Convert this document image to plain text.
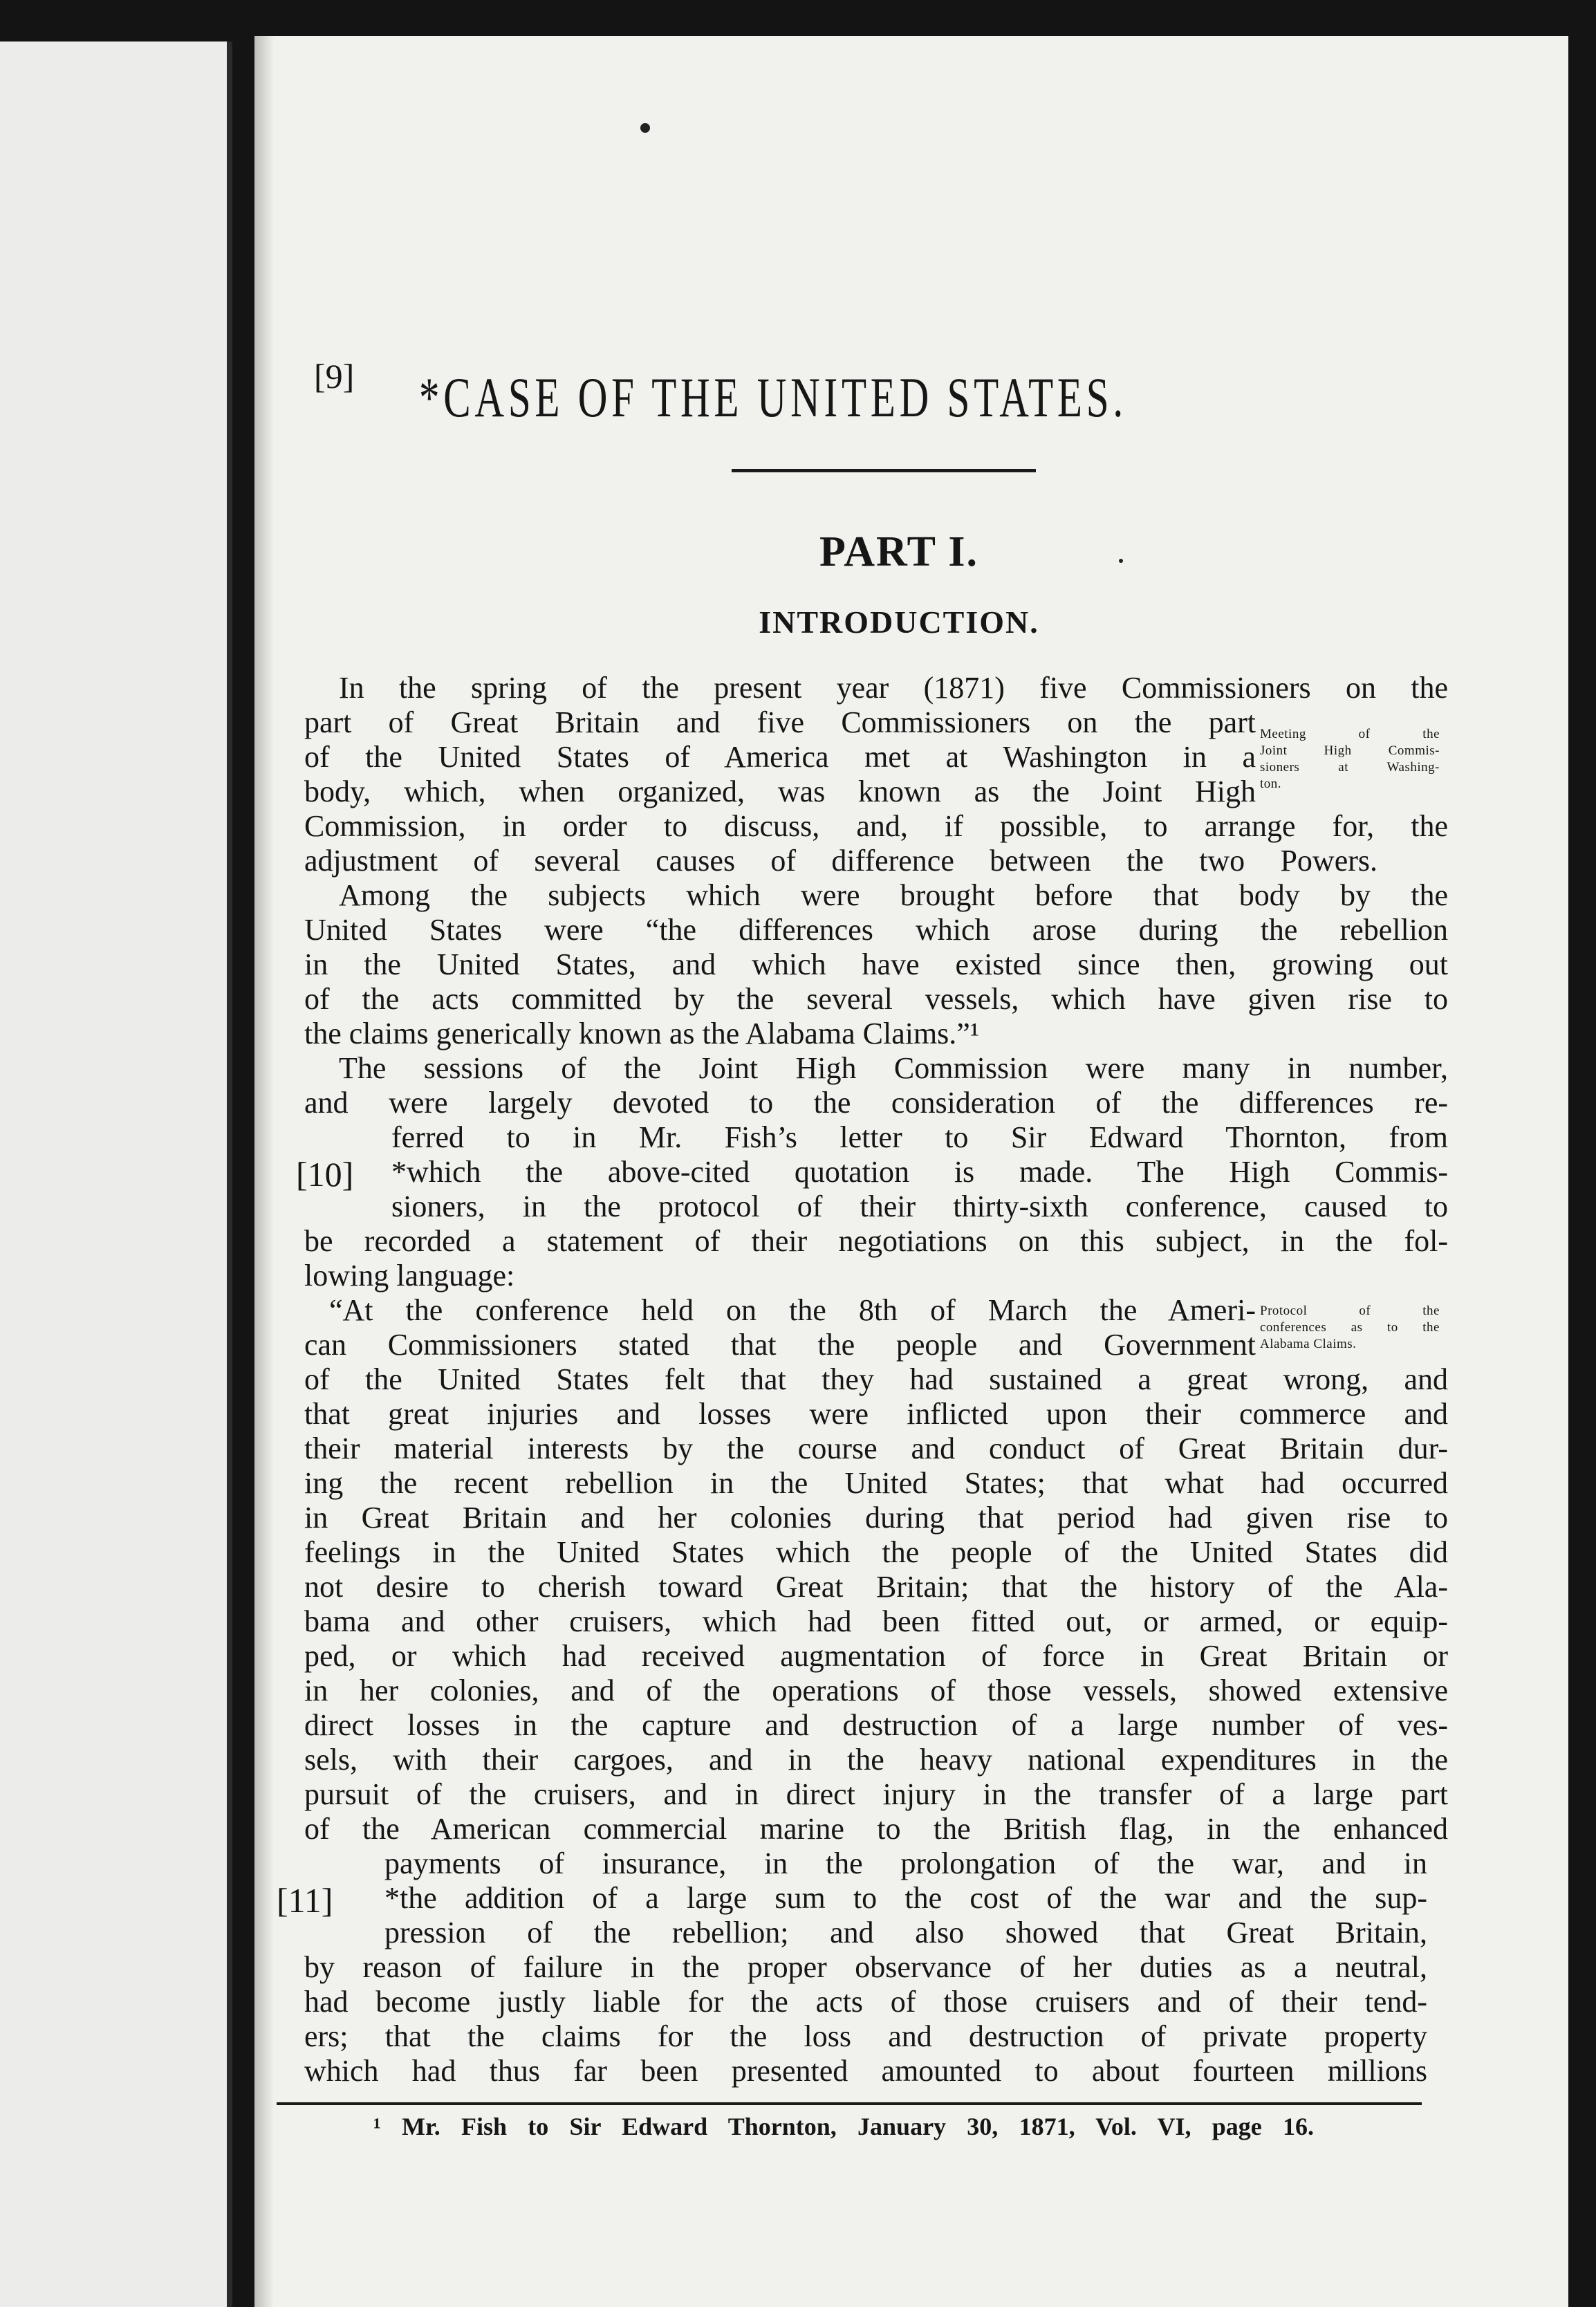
[9] *CASE OF THE UNITED STATES.
PART I.
INTRODUCTION.
In the spring of the present year (1871) five Commissioners on the
part of Great Britain and five Commissioners on the part
of the United States of America met at Washington in a
body, which, when organized, was known as the Joint High
Commission, in order to discuss, and, if possible, to arrange for, the
adjustment of several causes of difference between the two Powers.
Among the subjects which were brought before that body by the
United States were “the differences which arose during the rebellion
in the United States, and which have existed since then, growing out
of the acts committed by the several vessels, which have given rise to
the claims generically known as the Alabama Claims.”¹
The sessions of the Joint High Commission were many in number,
and were largely devoted to the consideration of the differences re-
ferred to in Mr. Fish’s letter to Sir Edward Thornton, from
[10] *which the above-cited quotation is made. The High Commis-
sioners, in the protocol of their thirty-sixth conference, caused to
be recorded a statement of their negotiations on this subject, in the fol-
lowing language:
“At the conference held on the 8th of March the Ameri-
can Commissioners stated that the people and Government
of the United States felt that they had sustained a great wrong, and
that great injuries and losses were inflicted upon their commerce and
their material interests by the course and conduct of Great Britain dur-
ing the recent rebellion in the United States; that what had occurred
in Great Britain and her colonies during that period had given rise to
feelings in the United States which the people of the United States did
not desire to cherish toward Great Britain; that the history of the Ala-
bama and other cruisers, which had been fitted out, or armed, or equip-
ped, or which had received augmentation of force in Great Britain or
in her colonies, and of the operations of those vessels, showed extensive
direct losses in the capture and destruction of a large number of ves-
sels, with their cargoes, and in the heavy national expenditures in the
pursuit of the cruisers, and in direct injury in the transfer of a large part
of the American commercial marine to the British flag, in the enhanced
payments of insurance, in the prolongation of the war, and in
[11] *the addition of a large sum to the cost of the war and the sup-
pression of the rebellion; and also showed that Great Britain,
by reason of failure in the proper observance of her duties as a neutral,
had become justly liable for the acts of those cruisers and of their tend-
ers; that the claims for the loss and destruction of private property
which had thus far been presented amounted to about fourteen millions
Meeting of the
Joint High Commis-
sioners at Washing-
ton.
Protocol of the
conferences as to the
Alabama Claims.
¹ Mr. Fish to Sir Edward Thornton, January 30, 1871, Vol. VI, page 16.
